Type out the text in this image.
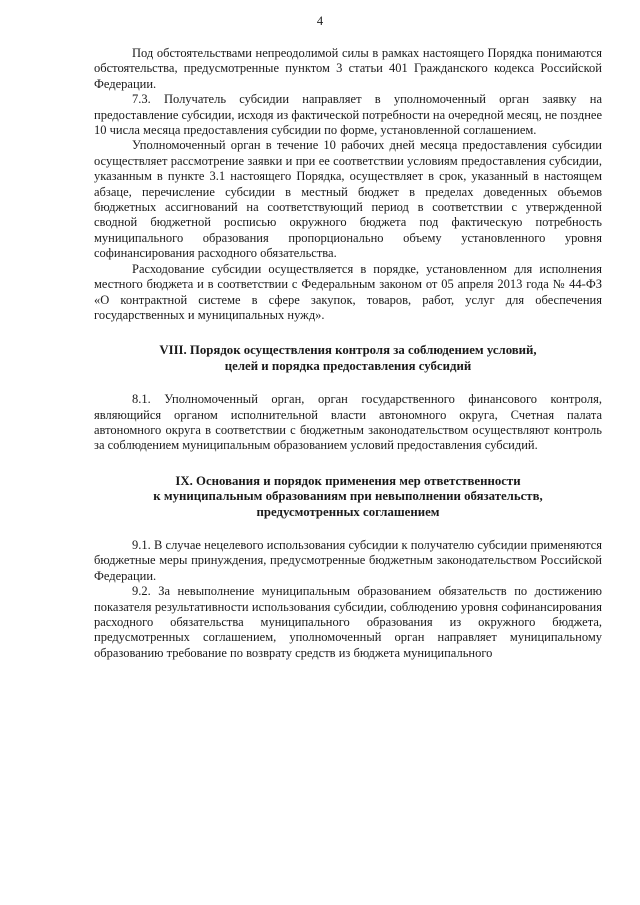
4

Под обстоятельствами непреодолимой силы в рамках настоящего Порядка понимаются обстоятельства, предусмотренные пунктом 3 статьи 401 Гражданского кодекса Российской Федерации.

7.3. Получатель субсидии направляет в уполномоченный орган заявку на предоставление субсидии, исходя из фактической потребности на очередной месяц, не позднее 10 числа месяца предоставления субсидии по форме, установленной соглашением.

Уполномоченный орган в течение 10 рабочих дней месяца предоставления субсидии осуществляет рассмотрение заявки и при ее соответствии условиям предоставления субсидии, указанным в пункте 3.1 настоящего Порядка, осуществляет в срок, указанный в настоящем абзаце, перечисление субсидии в местный бюджет в пределах доведенных объемов бюджетных ассигнований на соответствующий период в соответствии с утвержденной сводной бюджетной росписью окружного бюджета под фактическую потребность муниципального образования пропорционально объему установленного уровня софинансирования расходного обязательства.

Расходование субсидии осуществляется в порядке, установленном для исполнения местного бюджета и в соответствии с Федеральным законом от 05 апреля 2013 года № 44-ФЗ «О контрактной системе в сфере закупок, товаров, работ, услуг для обеспечения государственных и муниципальных нужд».

VIII. Порядок осуществления контроля за соблюдением условий,

целей и порядка предоставления субсидий

8.1. Уполномоченный орган, орган государственного финансового контроля, являющийся органом исполнительной власти автономного округа, Счетная палата автономного округа в соответствии с бюджетным законодательством осуществляют контроль за соблюдением муниципальным образованием условий предоставления субсидий.

IX. Основания и порядок применения мер ответственности

к муниципальным образованиям при невыполнении обязательств,

предусмотренных соглашением

9.1. В случае нецелевого использования субсидии к получателю субсидии применяются бюджетные меры принуждения, предусмотренные бюджетным законодательством Российской Федерации.

9.2. За невыполнение муниципальным образованием обязательств по достижению показателя результативности использования субсидии, соблюдению уровня софинансирования расходного обязательства муниципального образования из окружного бюджета, предусмотренных соглашением, уполномоченный орган направляет муниципальному образованию требование по возврату средств из бюджета муниципального
